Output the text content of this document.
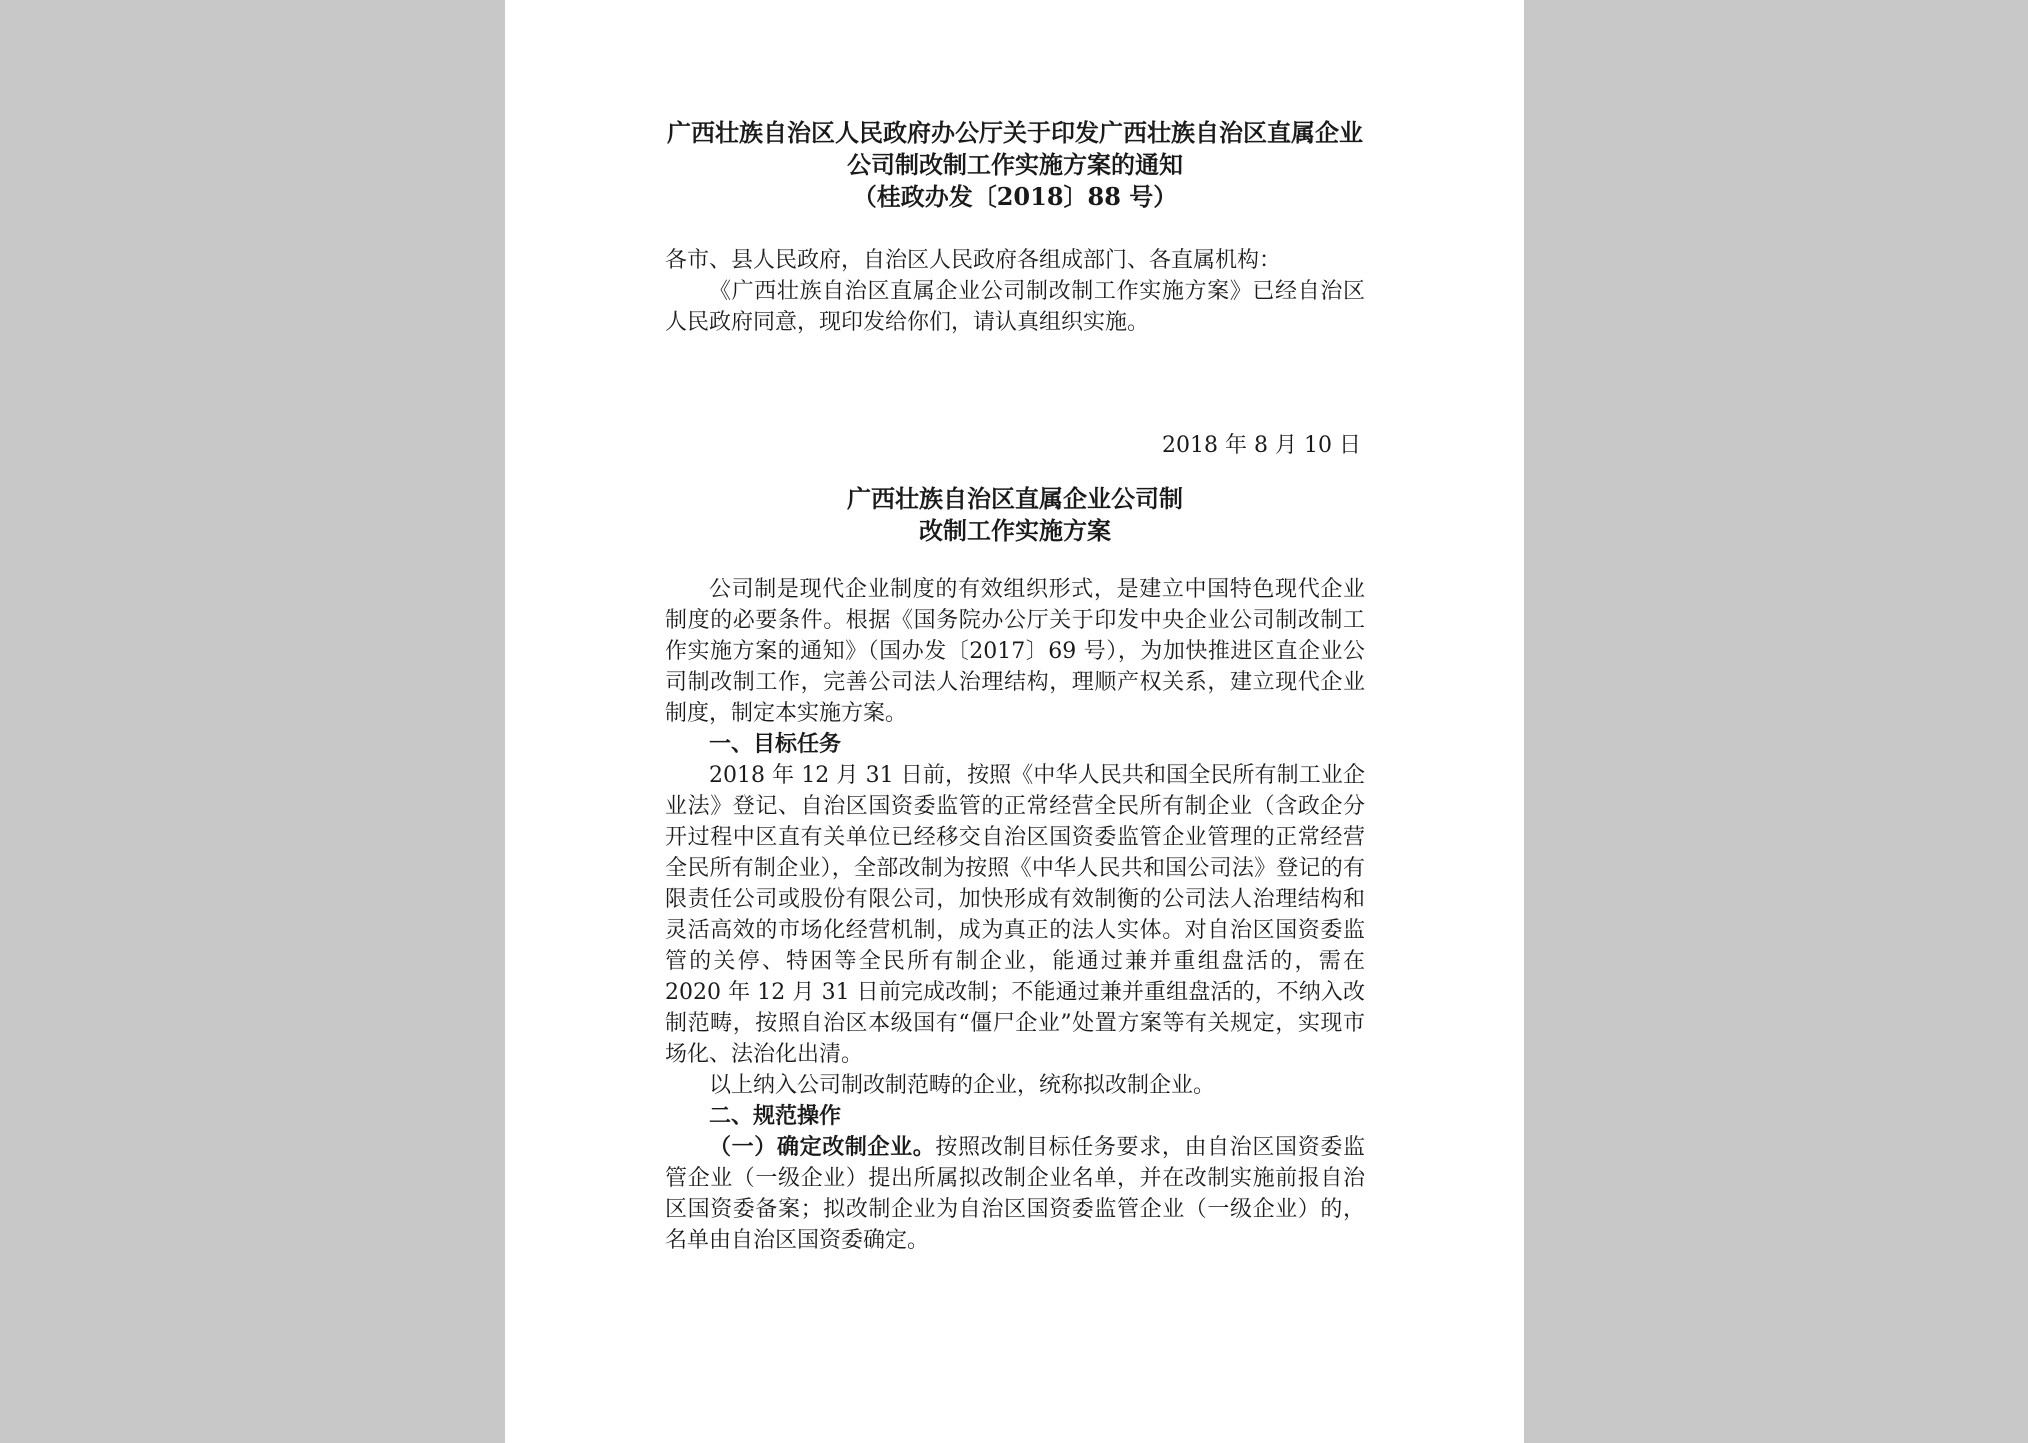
广西壮族自治区人民政府办公厅关于印发广西壮族自治区直属企业
公司制改制工作实施方案的通知
（桂政办发〔2018〕88 号）
各市、县人民政府，自治区人民政府各组成部门、各直属机构：
《广西壮族自治区直属企业公司制改制工作实施方案》已经自治区人民政府同意，现印发给你们，请认真组织实施。
2018 年 8 月 10 日
广西壮族自治区直属企业公司制
改制工作实施方案
公司制是现代企业制度的有效组织形式，是建立中国特色现代企业制度的必要条件。根据《国务院办公厅关于印发中央企业公司制改制工作实施方案的通知》（国办发〔2017〕69 号），为加快推进区直企业公司制改制工作，完善公司法人治理结构，理顺产权关系，建立现代企业制度，制定本实施方案。
一、目标任务
2018 年 12 月 31 日前，按照《中华人民共和国全民所有制工业企业法》登记、自治区国资委监管的正常经营全民所有制企业（含政企分开过程中区直有关单位已经移交自治区国资委监管企业管理的正常经营全民所有制企业），全部改制为按照《中华人民共和国公司法》登记的有限责任公司或股份有限公司，加快形成有效制衡的公司法人治理结构和灵活高效的市场化经营机制，成为真正的法人实体。对自治区国资委监管的关停、特困等全民所有制企业，能通过兼并重组盘活的，需在 2020 年 12 月 31 日前完成改制；不能通过兼并重组盘活的，不纳入改制范畴，按照自治区本级国有“僵尸企业”处置方案等有关规定，实现市场化、法治化出清。
以上纳入公司制改制范畴的企业，统称拟改制企业。
二、规范操作
（一）确定改制企业。按照改制目标任务要求，由自治区国资委监管企业（一级企业）提出所属拟改制企业名单，并在改制实施前报自治区国资委备案；拟改制企业为自治区国资委监管企业（一级企业）的，名单由自治区国资委确定。
